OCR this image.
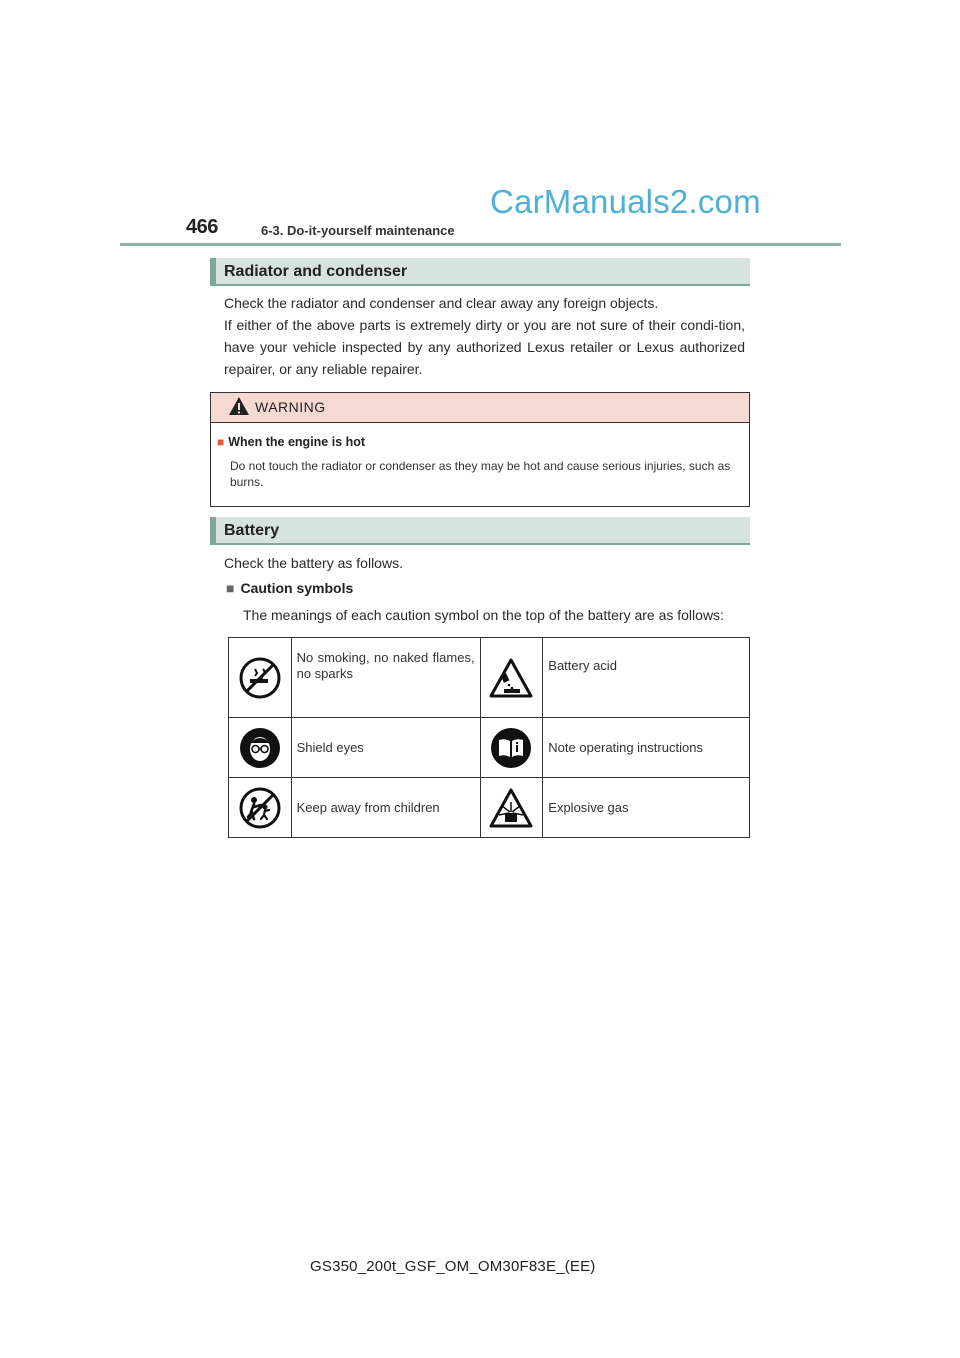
466	6-3. Do-it-yourself maintenance
CarManuals2.com
Radiator and condenser
Check the radiator and condenser and clear away any foreign objects.
If either of the above parts is extremely dirty or you are not sure of their condi-tion, have your vehicle inspected by any authorized Lexus retailer or Lexus authorized repairer, or any reliable repairer.
WARNING
■ When the engine is hot
Do not touch the radiator or condenser as they may be hot and cause serious injuries, such as burns.
Battery
Check the battery as follows.
■ Caution symbols
The meanings of each caution symbol on the top of the battery are as follows:
	No smoking, no naked flames, no sparks		Battery acid
	Shield eyes		Note operating instructions
	Keep away from children		Explosive gas
GS350_200t_GSF_OM_OM30F83E_(EE)
